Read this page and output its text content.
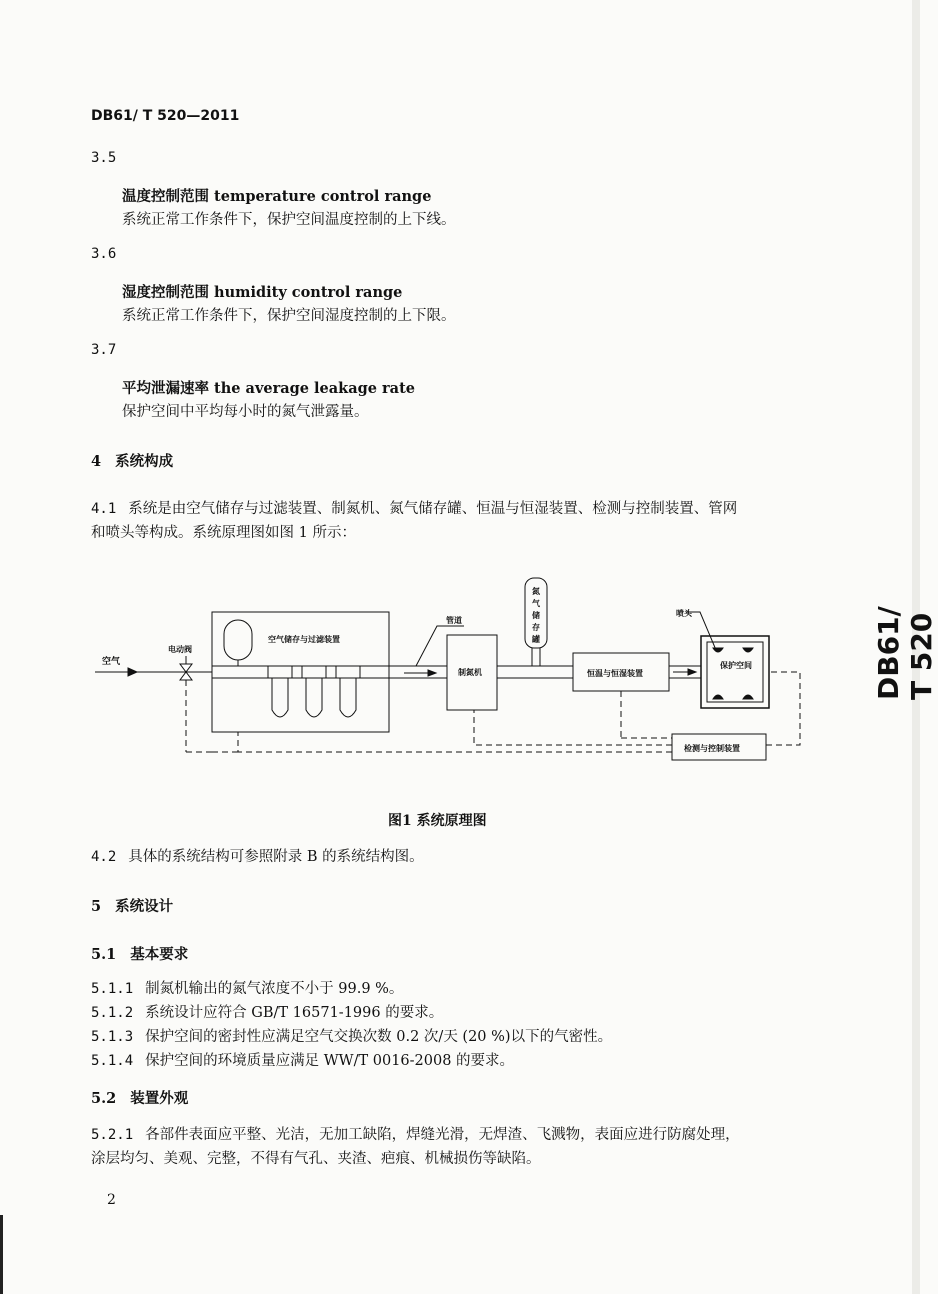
DB61/ T 520—2011
3.5
温度控制范围 temperature control range
系统正常工作条件下，保护空间温度控制的上下线。
3.6
湿度控制范围 humidity control range
系统正常工作条件下，保护空间湿度控制的上下限。
3.7
平均泄漏速率 the average leakage rate
保护空间中平均每小时的氮气泄露量。
4 系统构成
4.1 系统是由空气储存与过滤装置、制氮机、氮气储存罐、恒温与恒湿装置、检测与控制装置、管网
和喷头等构成。系统原理图如图 1 所示：
空气
电动阀
空气储存与过滤装置
管道
制氮机
氮
气
储
存
罐
恒温与恒湿装置
喷头
保护空间
检测与控制装置
图1 系统原理图
4.2 具体的系统结构可参照附录 B 的系统结构图。
5 系统设计
5.1 基本要求
5.1.1 制氮机输出的氮气浓度不小于 99.9 %。
5.1.2 系统设计应符合 GB/T 16571-1996 的要求。
5.1.3 保护空间的密封性应满足空气交换次数 0.2 次/天 (20 %)以下的气密性。
5.1.4 保护空间的环境质量应满足 WW/T 0016-2008 的要求。
5.2 装置外观
5.2.1 各部件表面应平整、光洁，无加工缺陷，焊缝光滑，无焊渣、飞溅物，表面应进行防腐处理，
涂层均匀、美观、完整，不得有气孔、夹渣、疤痕、机械损伤等缺陷。
2
DB61/ T 520
